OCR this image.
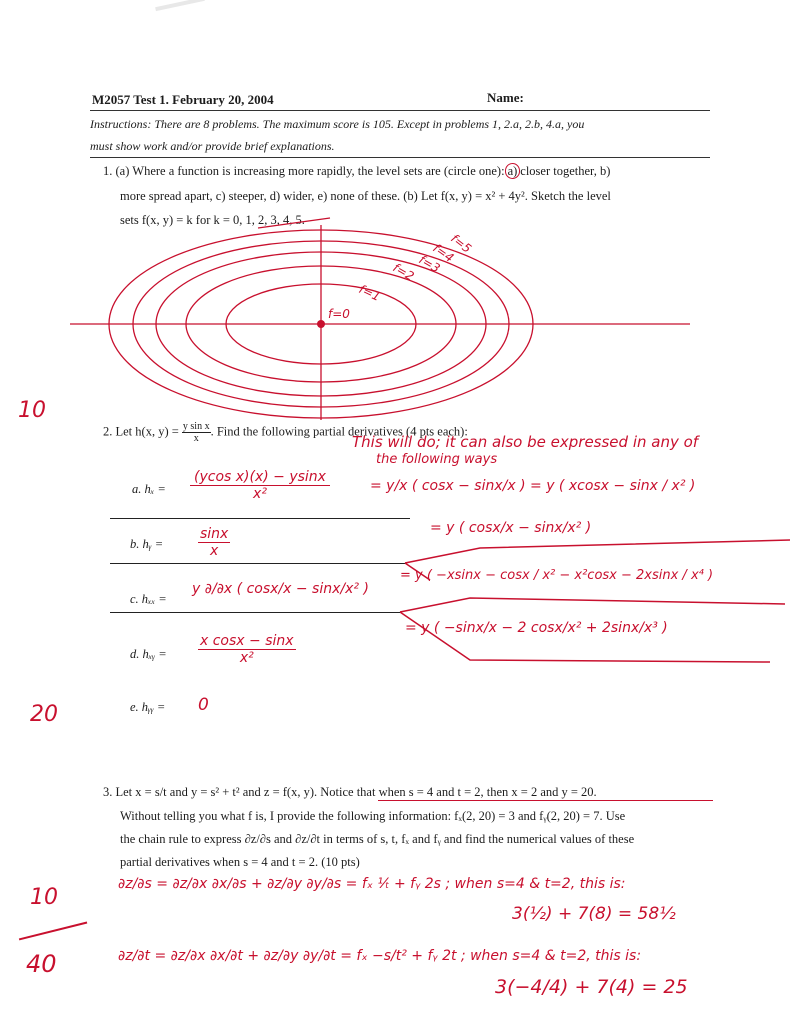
M2057 Test 1. February 20, 2004	Name:
Instructions: There are 8 problems. The maximum score is 105. Except in problems 1, 2.a, 2.b, 4.a, you
must show work and/or provide brief explanations.
1. (a) Where a function is increasing more rapidly, the level sets are (circle one): a) closer together, b)
more spread apart, c) steeper, d) wider, e) none of these. (b) Let f(x, y) = x² + 4y². Sketch the level
sets f(x, y) = k for k = 0, 1, 2, 3, 4, 5.
f=0
f=1
f=2 f=3
f=4
f=5
10
2. Let h(x, $y) = \frac{\text{y sin x}}{x}$ . Find the following partial derivatives (4 pts each):
This will do; it can also be expressed in any of
the following ways
a. $h_x = \frac{\text{(ycos x)(x) − ysinx}}{\text{x²}}$	= y/x ( cosx − sinx/x ) = y ( xcosx − sinx / x² )
b. hᵧ = $\frac{\sin x}{x}$	= y ( cosx/x − sinx/x² )
c. hₓₓ =
y ∂/∂x ( cosx/x − sinx/x² )
= y ( −xsinx − cosx / x² − x²cosx − 2xsinx / x⁴ )
d. hₓᵧ = $\frac{\text{x cosx − sinx}}{\text{x²}}$
= y ( −sinx/x − 2 cosx/x² + 2sinx/x³ )
e. hᵧᵧ = 0
20
3. Let x = s/t and y = s² + t² and z = f(x, y). Notice that when s = 4 and t = 2, then x = 2 and y = 20.
Without telling you what f is, I provide the following information: fₓ(2, 20) = 3 and fᵧ(2, 20) = 7. Use
the chain rule to express ∂z/∂s and ∂z/∂t in terms of s, t, fₓ and fᵧ and find the numerical values of these
partial derivatives when s = 4 and t = 2. (10 pts)
∂z/∂s = ∂z/∂x ∂x/∂s + ∂z/∂y ∂y/∂s = fₓ ¹⁄ₜ + fᵧ 2s ; when s=4 & t=2, this is:
3(½) + 7(8) = 58½
10
40	∂z/∂t = ∂z/∂x ∂x/∂t + ∂z/∂y ∂y/∂t = fₓ −s/t² + fᵧ 2t ; when s=4 & t=2, this is:
3(−4/4) + 7(4) = 25
